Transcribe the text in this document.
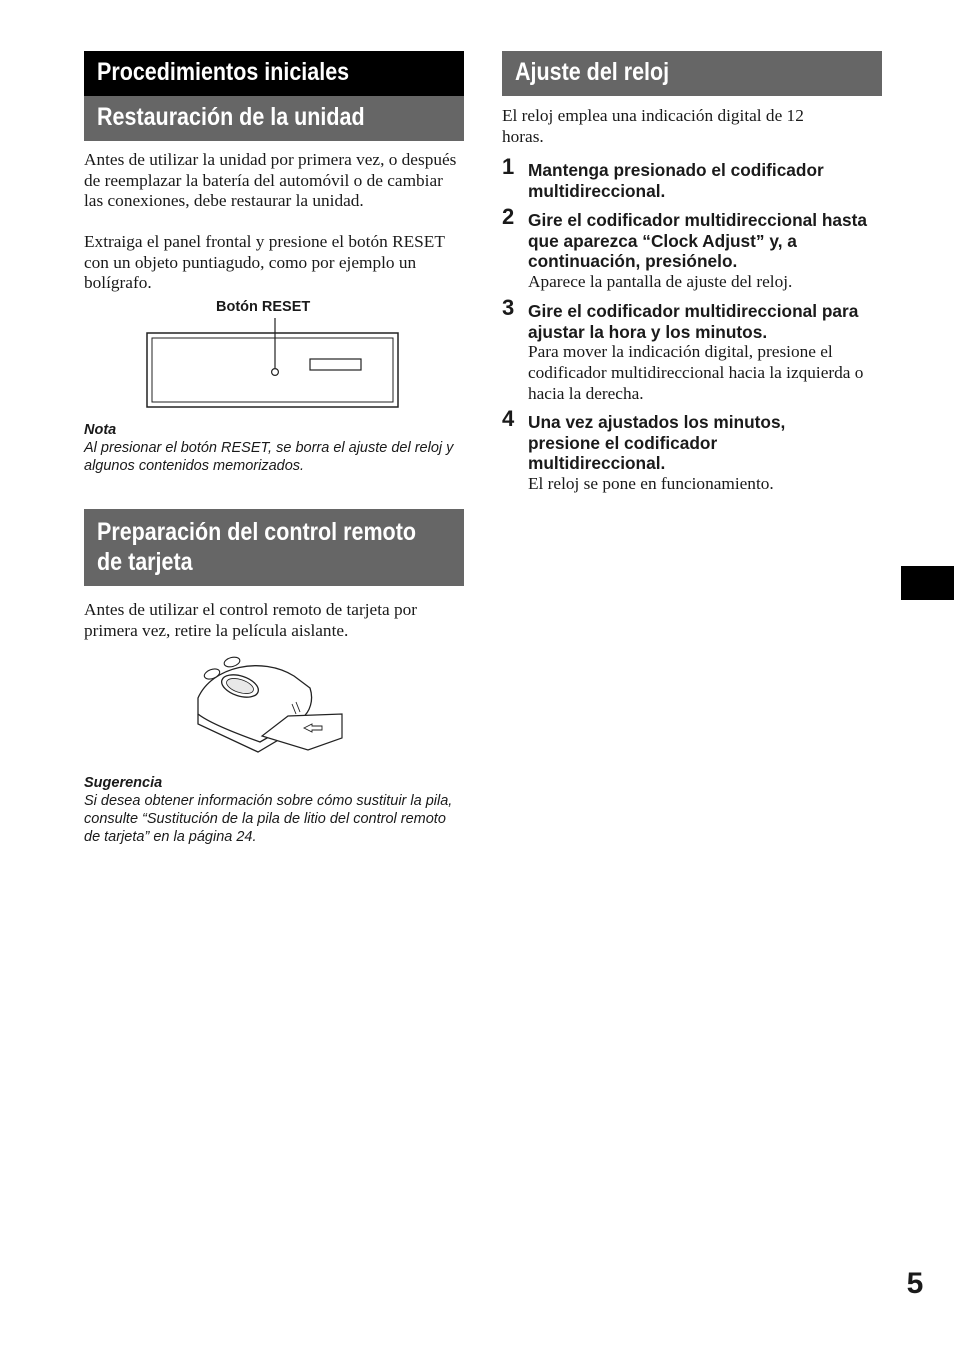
Procedimientos iniciales
Restauración de la unidad

Antes de utilizar la unidad por primera vez, o después de reemplazar la batería del automóvil o de cambiar las conexiones, debe restaurar la unidad.

Extraiga el panel frontal y presione el botón RESET con un objeto puntiagudo, como por ejemplo un bolígrafo.

Botón RESET
Nota

Al presionar el botón RESET, se borra el ajuste del reloj y algunos contenidos memorizados.

Preparación del control remoto
de tarjeta

Antes de utilizar el control remoto de tarjeta por primera vez, retire la película aislante.

Sugerencia

Si desea obtener información sobre cómo sustituir la pila, consulte “Sustitución de la pila de litio del control remoto de tarjeta” en la página 24.

Ajuste del reloj

El reloj emplea una indicación digital de 12 horas.

1 Mantenga presionado el codificador multidireccional.
2 Gire el codificador multidireccional hasta que aparezca “Clock Adjust” y, a continuación, presiónelo.
Aparece la pantalla de ajuste del reloj.
3 Gire el codificador multidireccional para ajustar la hora y los minutos.
Para mover la indicación digital, presione el codificador multidireccional hacia la izquierda o hacia la derecha.
4 Una vez ajustados los minutos, presione el codificador multidireccional.
El reloj se pone en funcionamiento.
5
